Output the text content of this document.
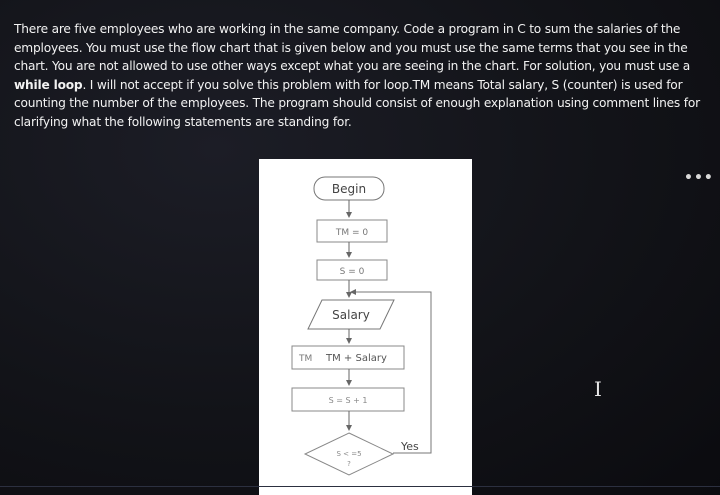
There are five employees who are working in the same company. Code a program in C to sum the salaries of the employees. You must use the flow chart that is given below and you must use the same terms that you see in the chart. You are not allowed to use other ways except what you are seeing in the chart. For solution, you must use a while loop. I will not accept if you solve this problem with for loop.TM means Total salary, S (counter) is used for counting the number of the employees. The program should consist of enough explanation using comment lines for clarifying what the following statements are standing for.
•••
I
Begin
TM = 0
S = 0
Salary
TM TM + Salary
S = S + 1
S < =5
?
Yes
